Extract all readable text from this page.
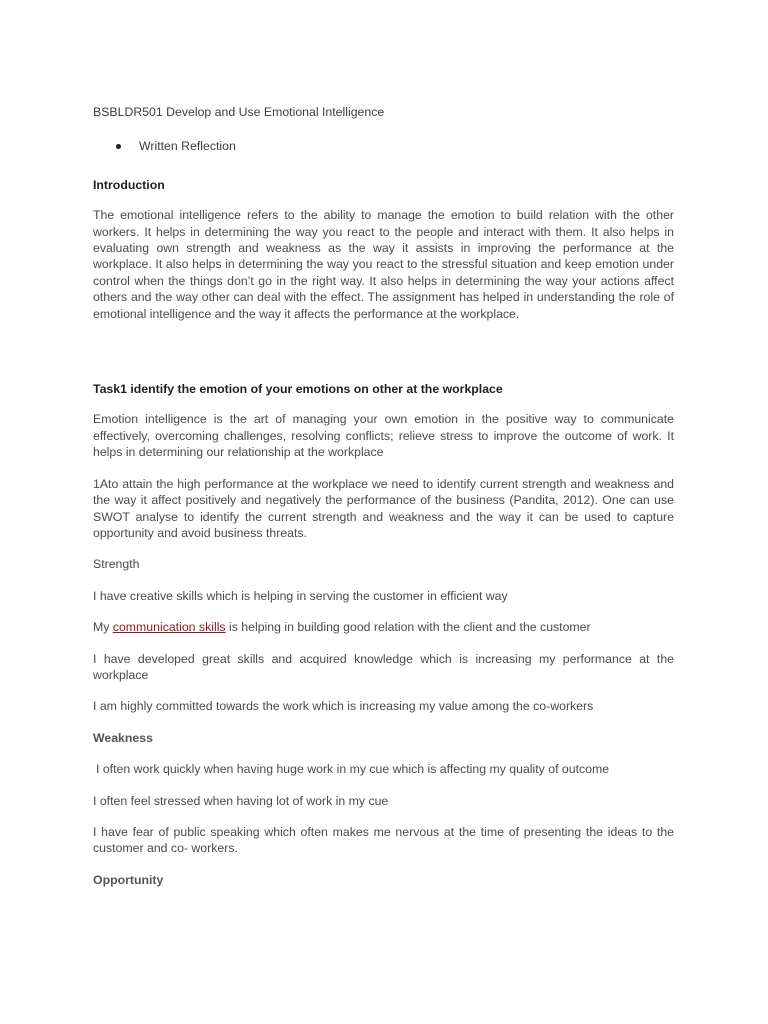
BSBLDR501 Develop and Use Emotional Intelligence
Written Reflection
Introduction

The emotional intelligence refers to the ability to manage the emotion to build relation with the other workers. It helps in determining the way you react to the people and interact with them. It also helps in evaluating own strength and weakness as the way it assists in improving the performance at the workplace. It also helps in determining the way you react to the stressful situation and keep emotion under control when the things don’t go in the right way. It also helps in determining the way your actions affect others and the way other can deal with the effect. The assignment has helped in understanding the role of emotional intelligence and the way it affects the performance at the workplace.

Task1 identify the emotion of your emotions on other at the workplace

Emotion intelligence is the art of managing your own emotion in the positive way to communicate effectively, overcoming challenges, resolving conflicts; relieve stress to improve the outcome of work. It helps in determining our relationship at the workplace

1Ato attain the high performance at the workplace we need to identify current strength and weakness and the way it affect positively and negatively the performance of the business (Pandita, 2012). One can use SWOT analyse to identify the current strength and weakness and the way it can be used to capture opportunity and avoid business threats.

Strength

I have creative skills which is helping in serving the customer in efficient way

My communication skills is helping in building good relation with the client and the customer

I have developed great skills and acquired knowledge which is increasing my performance at the workplace

I am highly committed towards the work which is increasing my value among the co-workers

Weakness

I often work quickly when having huge work in my cue which is affecting my quality of outcome

I often feel stressed when having lot of work in my cue

I have fear of public speaking which often makes me nervous at the time of presenting the ideas to the customer and co- workers.

Opportunity
